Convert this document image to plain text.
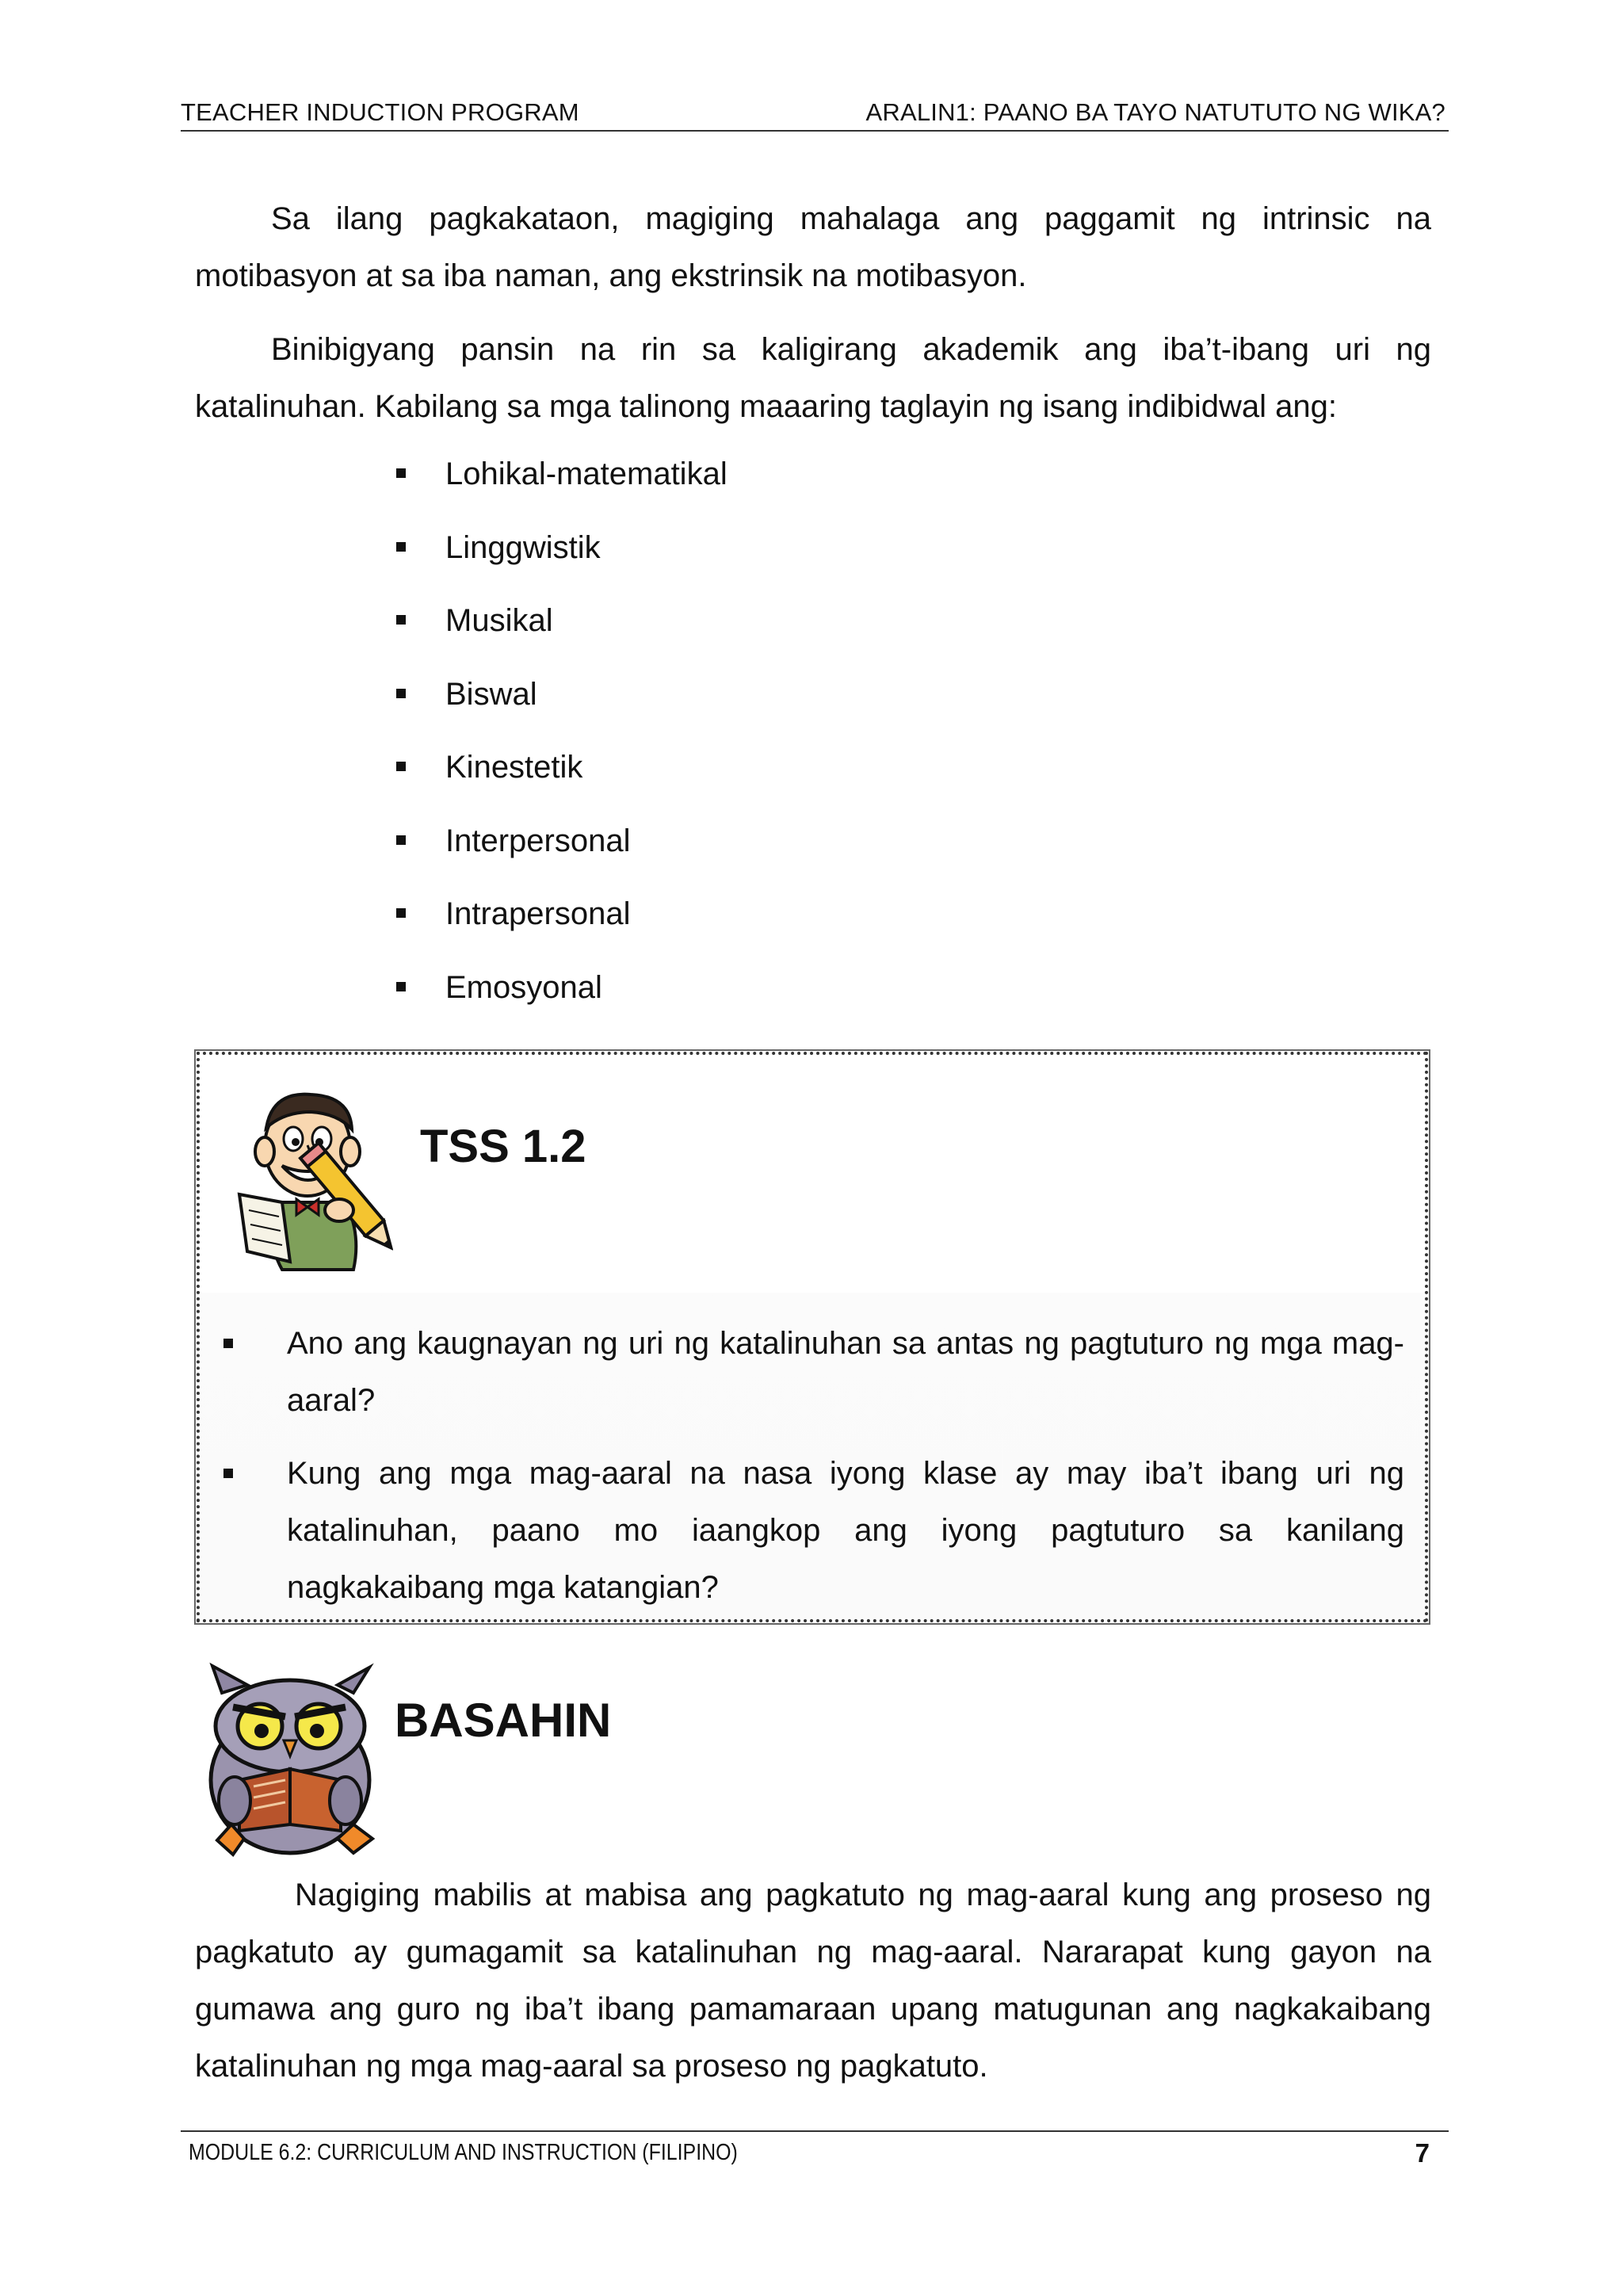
TEACHER INDUCTION PROGRAM	ARALIN1: PAANO BA TAYO NATUTUTO NG WIKA?

Sa ilang pagkakataon, magiging mahalaga ang paggamit ng intrinsic na motibasyon at sa iba naman, ang ekstrinsik na motibasyon.

Binibigyang pansin na rin sa kaligirang akademik ang iba’t-ibang uri ng katalinuhan. Kabilang sa mga talinong maaaring taglayin ng isang indibidwal ang:

Lohikal-matematikal
Linggwistik
Musikal
Biswal
Kinestetik
Interpersonal
Intrapersonal
Emosyonal
TSS 1.2
Ano ang kaugnayan ng uri ng katalinuhan sa antas ng pagtuturo ng mga mag-aaral?
Kung ang mga mag-aaral na nasa iyong klase ay may iba’t ibang uri ng katalinuhan, paano mo iaangkop ang iyong pagtuturo sa kanilang nagkakaibang mga katangian?
BASAHIN

Nagiging mabilis at mabisa ang pagkatuto ng mag-aaral kung ang proseso ng pagkatuto ay gumagamit sa katalinuhan ng mag-aaral. Nararapat kung gayon na gumawa ang guro ng iba’t ibang pamamaraan upang matugunan ang nagkakaibang katalinuhan ng mga mag-aaral sa proseso ng pagkatuto.

MODULE 6.2: CURRICULUM AND INSTRUCTION (FILIPINO)	7
